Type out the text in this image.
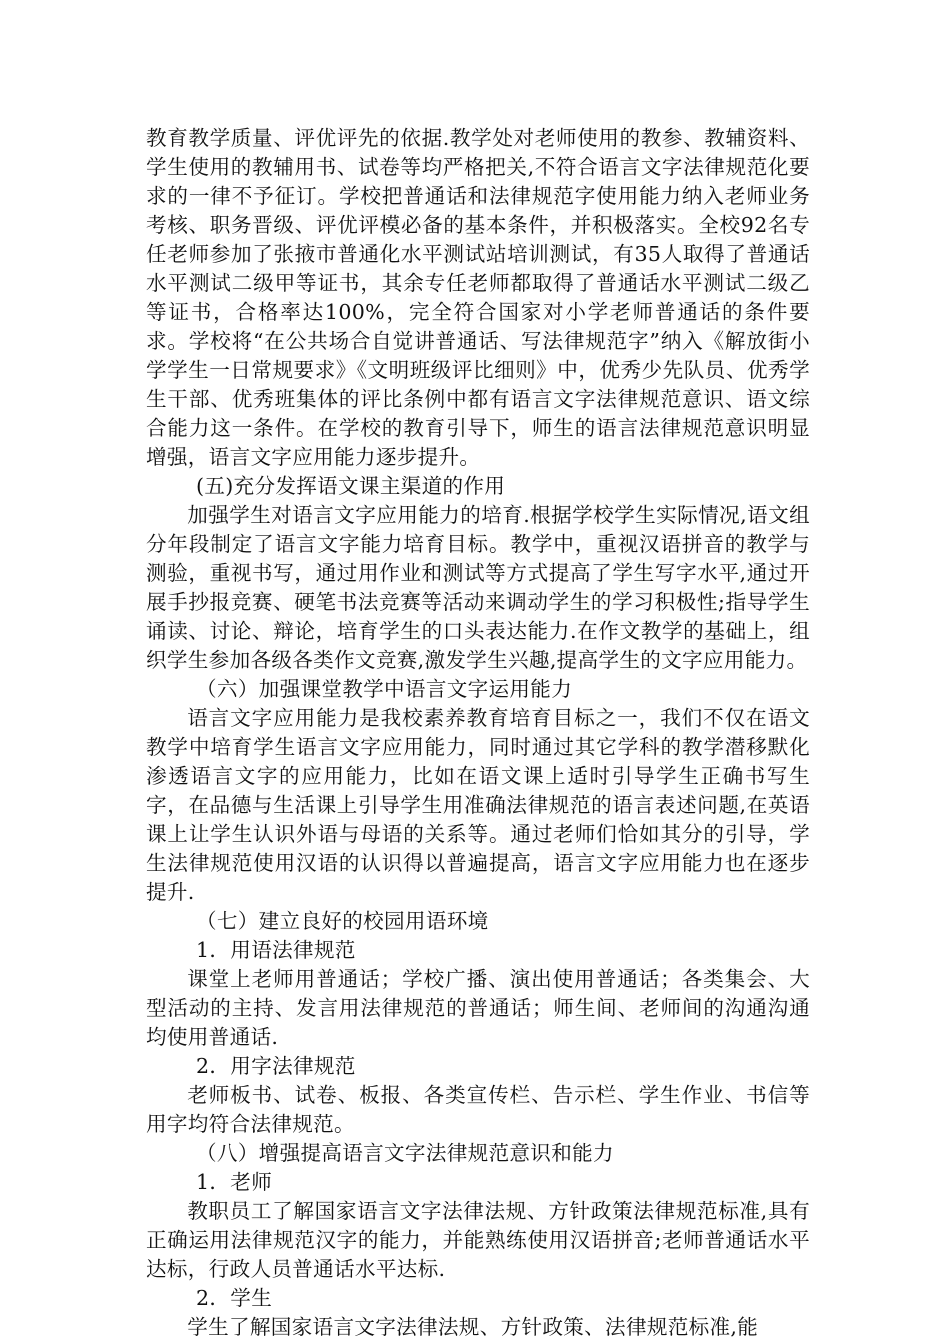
教育教学质量、评优评先的依据.教学处对老师使用的教参、教辅资料、学生使用的教辅用书、试卷等均严格把关,不符合语言文字法律规范化要求的一律不予征订。学校把普通话和法律规范字使用能力纳入老师业务考核、职务晋级、评优评模必备的基本条件，并积极落实。全校92名专任老师参加了张掖市普通化水平测试站培训测试，有35人取得了普通话水平测试二级甲等证书，其余专任老师都取得了普通话水平测试二级乙等证书，合格率达100%，完全符合国家对小学老师普通话的条件要求。学校将“在公共场合自觉讲普通话、写法律规范字”纳入《解放街小学学生一日常规要求》《文明班级评比细则》中，优秀少先队员、优秀学生干部、优秀班集体的评比条例中都有语言文字法律规范意识、语文综合能力这一条件。在学校的教育引导下，师生的语言法律规范意识明显增强，语言文字应用能力逐步提升。

(五)充分发挥语文课主渠道的作用

加强学生对语言文字应用能力的培育.根据学校学生实际情况,语文组分年段制定了语言文字能力培育目标。教学中，重视汉语拼音的教学与测验，重视书写，通过用作业和测试等方式提高了学生写字水平,通过开展手抄报竞赛、硬笔书法竞赛等活动来调动学生的学习积极性;指导学生诵读、讨论、辩论，培育学生的口头表达能力.在作文教学的基础上，组织学生参加各级各类作文竞赛,激发学生兴趣,提高学生的文字应用能力。

（六）加强课堂教学中语言文字运用能力

语言文字应用能力是我校素养教育培育目标之一，我们不仅在语文教学中培育学生语言文字应用能力，同时通过其它学科的教学潜移默化渗透语言文字的应用能力，比如在语文课上适时引导学生正确书写生字，在品德与生活课上引导学生用准确法律规范的语言表述问题,在英语课上让学生认识外语与母语的关系等。通过老师们恰如其分的引导，学生法律规范使用汉语的认识得以普遍提高，语言文字应用能力也在逐步提升.

（七）建立良好的校园用语环境

1．用语法律规范

课堂上老师用普通话；学校广播、演出使用普通话；各类集会、大型活动的主持、发言用法律规范的普通话；师生间、老师间的沟通沟通均使用普通话.

2．用字法律规范

老师板书、试卷、板报、各类宣传栏、告示栏、学生作业、书信等用字均符合法律规范。

（八）增强提高语言文字法律规范意识和能力

1．老师

教职员工了解国家语言文字法律法规、方针政策法律规范标准,具有正确运用法律规范汉字的能力，并能熟练使用汉语拼音;老师普通话水平达标，行政人员普通话水平达标.

2．学生

学生了解国家语言文字法律法规、方针政策、法律规范标准,能
